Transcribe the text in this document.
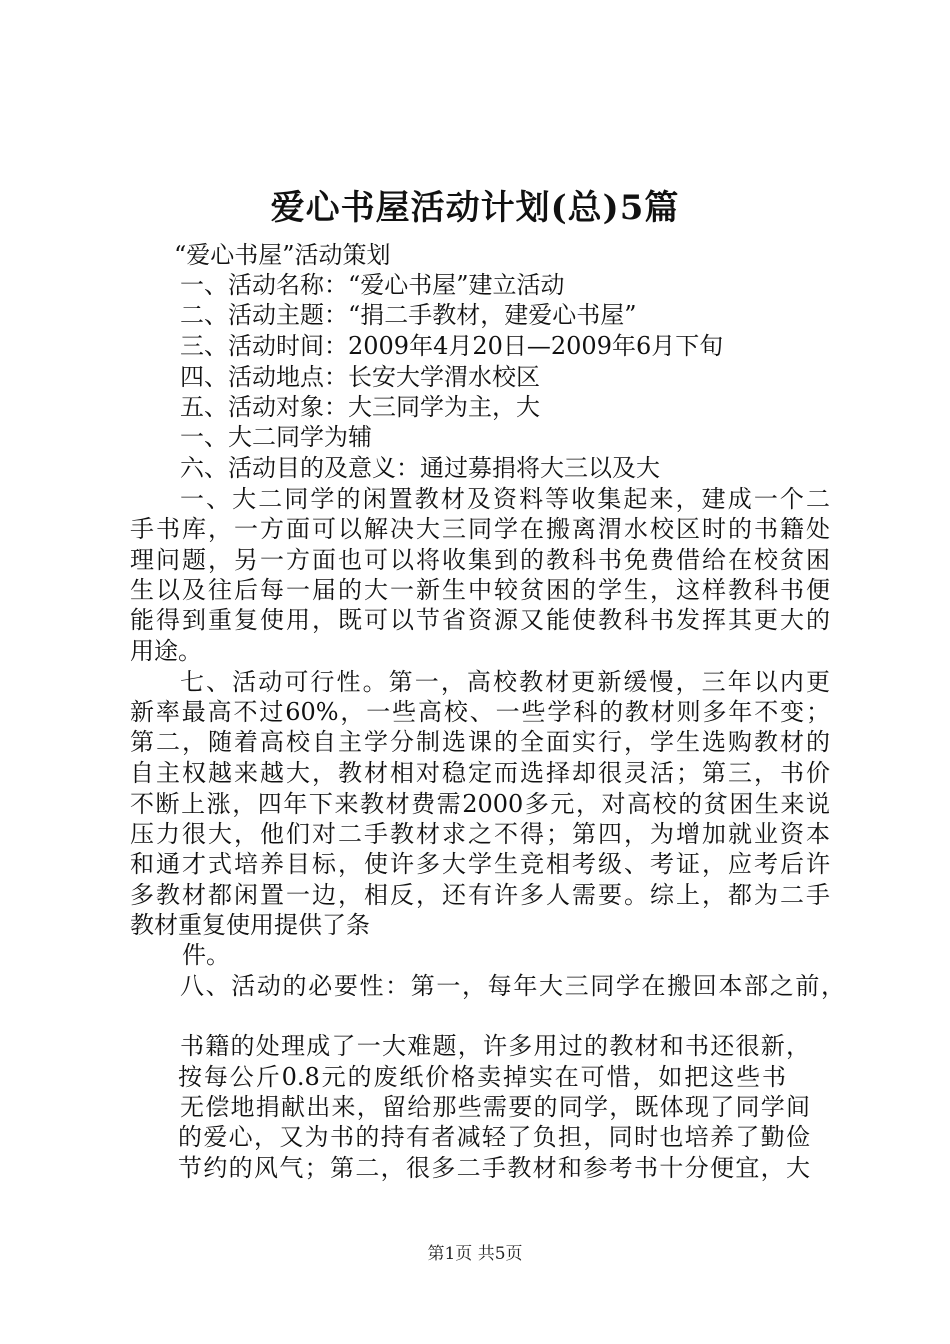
爱心书屋活动计划(总)5篇
“爱心书屋”活动策划
一、活动名称：“爱心书屋”建立活动
二、活动主题：“捐二手教材，建爱心书屋”
三、活动时间：2009年4月20日—2009年6月下旬
四、活动地点：长安大学渭水校区
五、活动对象：大三同学为主，大
一、大二同学为辅
六、活动目的及意义：通过募捐将大三以及大
一、大二同学的闲置教材及资料等收集起来，建成一个二
手书库，一方面可以解决大三同学在搬离渭水校区时的书籍处
理问题，另一方面也可以将收集到的教科书免费借给在校贫困
生以及往后每一届的大一新生中较贫困的学生，这样教科书便
能得到重复使用，既可以节省资源又能使教科书发挥其更大的
用途。
七、活动可行性。第一，高校教材更新缓慢，三年以内更
新率最高不过60%，一些高校、一些学科的教材则多年不变；
第二，随着高校自主学分制选课的全面实行，学生选购教材的
自主权越来越大，教材相对稳定而选择却很灵活；第三，书价
不断上涨，四年下来教材费需2000多元，对高校的贫困生来说
压力很大，他们对二手教材求之不得；第四，为增加就业资本
和通才式培养目标，使许多大学生竞相考级、考证，应考后许
多教材都闲置一边，相反，还有许多人需要。综上，都为二手
教材重复使用提供了条
件。
八、活动的必要性：第一，每年大三同学在搬回本部之前，
书籍的处理成了一大难题，许多用过的教材和书还很新，
按每公斤0.8元的废纸价格卖掉实在可惜，如把这些书
无偿地捐献出来，留给那些需要的同学，既体现了同学间
的爱心，又为书的持有者减轻了负担，同时也培养了勤俭
节约的风气；第二，很多二手教材和参考书十分便宜，大
第1页 共5页
